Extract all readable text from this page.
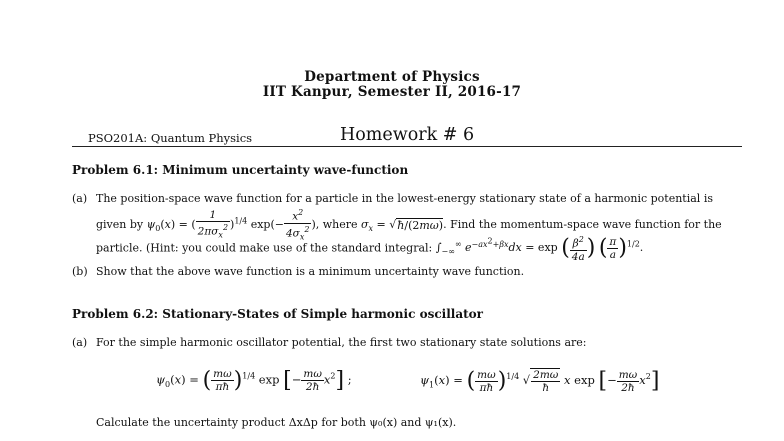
Department of Physics
IIT Kanpur, Semester II, 2016-17
PSO201A: Quantum Physics	Homework # 6
Problem 6.1: Minimum uncertainty wave-function
(a) The position-space wave function for a particle in the lowest-energy stationary state of a harmonic potential is
given by $\psi_0(x)$ = ( $\frac{1}{2\pi\sigma_x^2} )^{1/4}$ $\exp(- \frac{x^2}{4\sigma_x^2}$ ), where $\sigma_x$ = √ħ/(2mω). Find the momentum-space wave function for the
particle. (Hint: you could make use of the standard integral: $\int_{-\infty}^\infty$ $e^{-ax^2+\beta x}dx = \exp$ ( $\frac{\beta^2}{4a}$ ) ( $\frac{\pi}{a} )^{1/2}$.
(b) Show that the above wave function is a minimum uncertainty wave function.
Problem 6.2: Stationary-States of Simple harmonic oscillator
(a) For the simple harmonic oscillator potential, the first two stationary state solutions are:
$\psi_0(x)$ = ( $\frac{m\omega}{\pi ħ} )^{1/4}$ exp [− $\frac{m\omega}{2ħ} x^2$] ;	$\psi_1(x)$ = ( $\frac{m\omega}{\pi ħ} )^{1/4}$ √ $\frac{2m\omega}{ħ}$ x exp [− $\frac{m\omega}{2ħ} x^2$]
Calculate the uncertainty product ΔxΔp for both ψ₀(x) and ψ₁(x).
